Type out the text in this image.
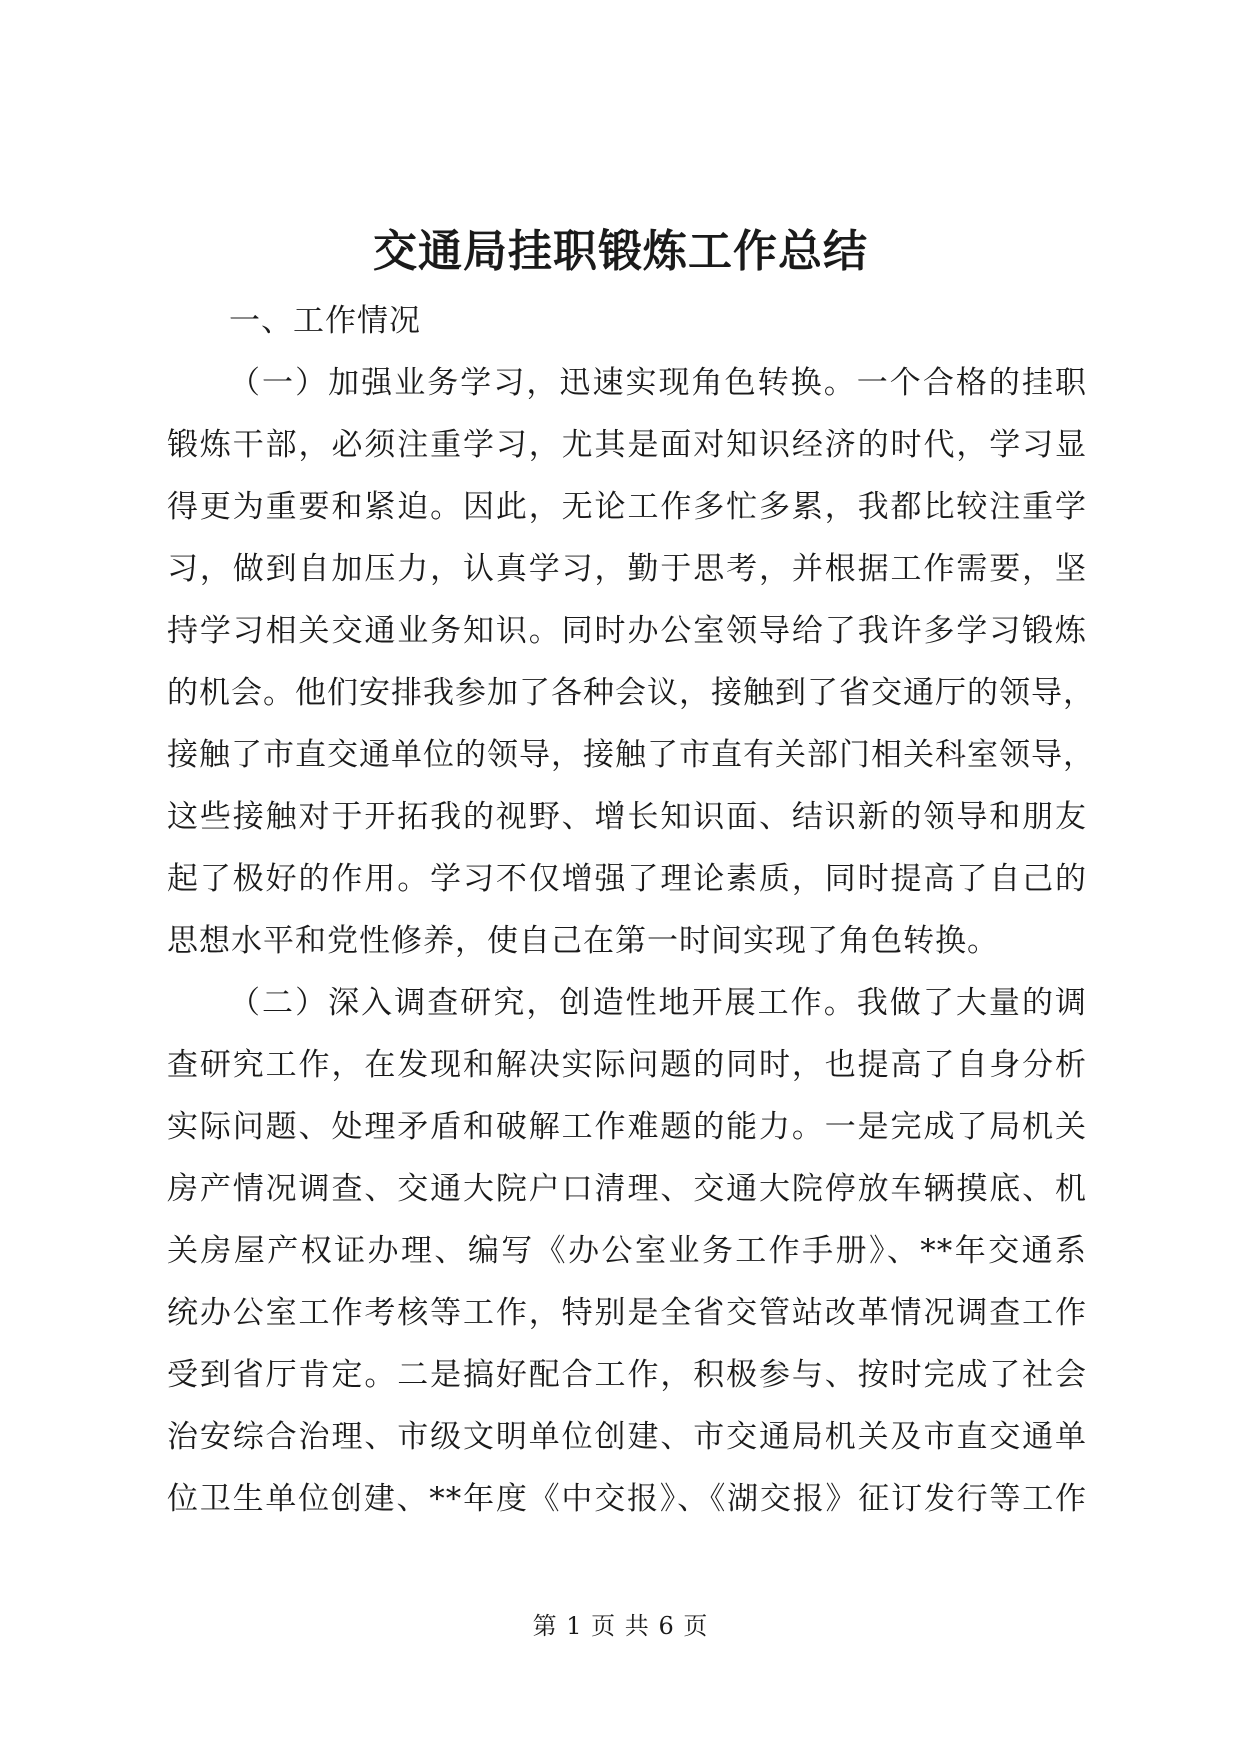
交通局挂职锻炼工作总结
一、工作情况
（一）加强业务学习，迅速实现角色转换。一个合格的挂职
锻炼干部，必须注重学习，尤其是面对知识经济的时代，学习显
得更为重要和紧迫。因此，无论工作多忙多累，我都比较注重学
习，做到自加压力，认真学习，勤于思考，并根据工作需要，坚
持学习相关交通业务知识。同时办公室领导给了我许多学习锻炼
的机会。他们安排我参加了各种会议，接触到了省交通厅的领导，
接触了市直交通单位的领导，接触了市直有关部门相关科室领导，
这些接触对于开拓我的视野、增长知识面、结识新的领导和朋友
起了极好的作用。学习不仅增强了理论素质，同时提高了自己的
思想水平和党性修养，使自己在第一时间实现了角色转换。
（二）深入调查研究，创造性地开展工作。我做了大量的调
查研究工作，在发现和解决实际问题的同时，也提高了自身分析
实际问题、处理矛盾和破解工作难题的能力。一是完成了局机关
房产情况调查、交通大院户口清理、交通大院停放车辆摸底、机
关房屋产权证办理、编写《办公室业务工作手册》、**年交通系
统办公室工作考核等工作，特别是全省交管站改革情况调查工作
受到省厅肯定。二是搞好配合工作，积极参与、按时完成了社会
治安综合治理、市级文明单位创建、市交通局机关及市直交通单
位卫生单位创建、**年度《中交报》、《湖交报》征订发行等工作
第 1 页 共 6 页
